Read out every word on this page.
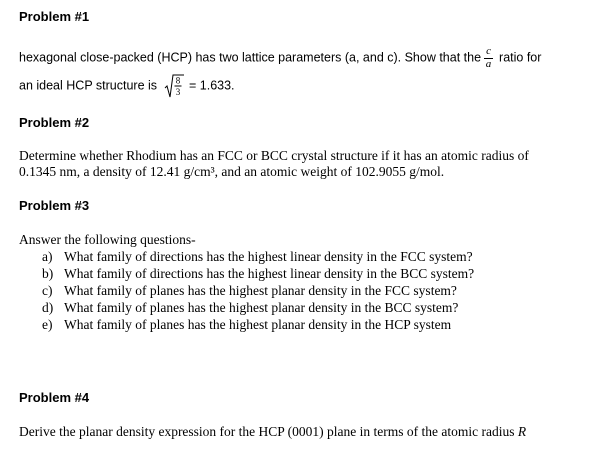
Problem #1
hexagonal close-packed (HCP) has two lattice parameters (a, and c). Show that the $\frac{c}{a}$ ratio for
an ideal HCP structure is 8
3 = 1.633.
Problem #2
Determine whether Rhodium has an FCC or BCC crystal structure if it has an atomic radius of
0.1345 nm, a density of 12.41 g/cm³, and an atomic weight of 102.9055 g/mol.
Problem #3
Answer the following questions-
a) What family of directions has the highest linear density in the FCC system?
b) What family of directions has the highest linear density in the BCC system?
c) What family of planes has the highest planar density in the FCC system?
d) What family of planes has the highest planar density in the BCC system?
e) What family of planes has the highest planar density in the HCP system
Problem #4
Derive the planar density expression for the HCP (0001) plane in terms of the atomic radius R
